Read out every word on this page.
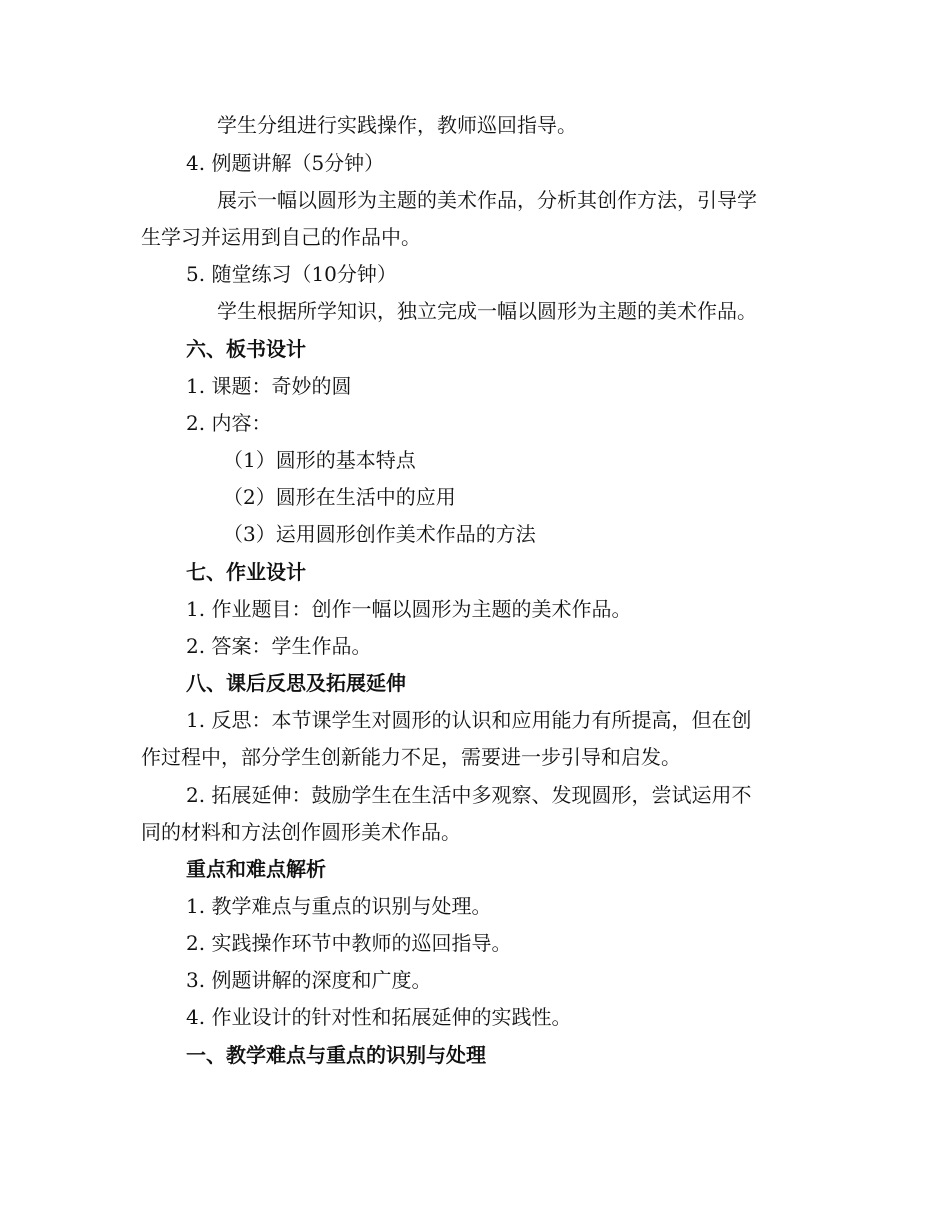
学生分组进行实践操作，教师巡回指导。
4. 例题讲解（5分钟）
展示一幅以圆形为主题的美术作品，分析其创作方法，引导学
生学习并运用到自己的作品中。
5. 随堂练习（10分钟）
学生根据所学知识，独立完成一幅以圆形为主题的美术作品。
六、板书设计
1. 课题：奇妙的圆
2. 内容：
（1）圆形的基本特点
（2）圆形在生活中的应用
（3）运用圆形创作美术作品的方法
七、作业设计
1. 作业题目：创作一幅以圆形为主题的美术作品。
2. 答案：学生作品。
八、课后反思及拓展延伸
1. 反思：本节课学生对圆形的认识和应用能力有所提高，但在创
作过程中，部分学生创新能力不足，需要进一步引导和启发。
2. 拓展延伸：鼓励学生在生活中多观察、发现圆形，尝试运用不
同的材料和方法创作圆形美术作品。
重点和难点解析
1. 教学难点与重点的识别与处理。
2. 实践操作环节中教师的巡回指导。
3. 例题讲解的深度和广度。
4. 作业设计的针对性和拓展延伸的实践性。
一、教学难点与重点的识别与处理
